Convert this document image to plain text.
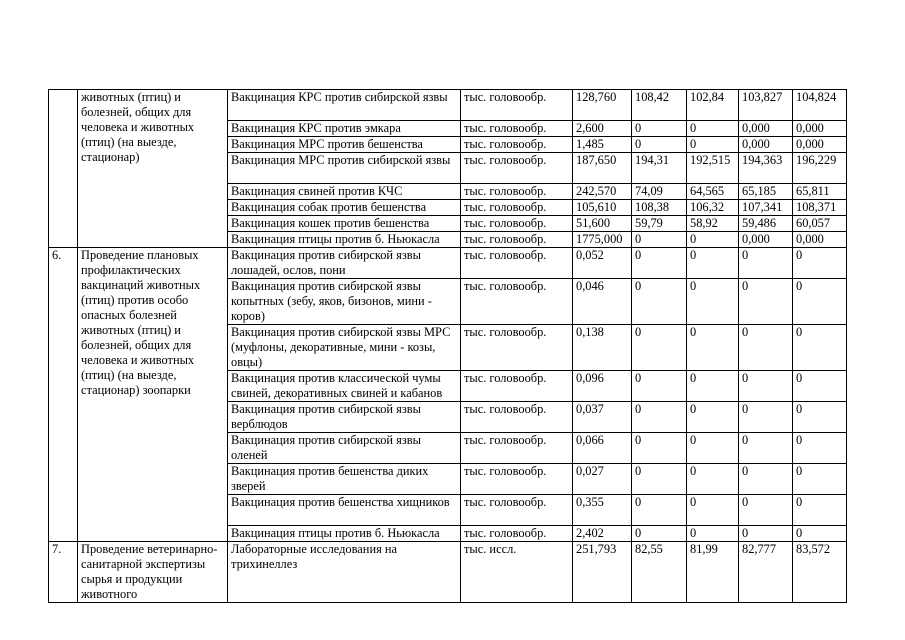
	животных (птиц) и болезней, общих для человека и животных (птиц) (на выезде, стационар)	Вакцинация КРС против сибирской язвы	тыс. головообр.	128,760	108,42	102,84	103,827	104,824
		Вакцинация КРС против эмкара	тыс. головообр.	2,600	0	0	0,000	0,000
		Вакцинация МРС против бешенства	тыс. головообр.	1,485	0	0	0,000	0,000
		Вакцинация МРС против сибирской язвы	тыс. головообр.	187,650	194,31	192,515	194,363	196,229
		Вакцинация свиней против КЧС	тыс. головообр.	242,570	74,09	64,565	65,185	65,811
		Вакцинация собак против бешенства	тыс. головообр.	105,610	108,38	106,32	107,341	108,371
		Вакцинация кошек против бешенства	тыс. головообр.	51,600	59,79	58,92	59,486	60,057
		Вакцинация птицы против б. Ньюкасла	тыс. головообр.	1775,000	0	0	0,000	0,000
6.	Проведение плановых профилактических вакцинаций животных (птиц) против особо опасных болезней животных (птиц) и болезней, общих для человека и животных (птиц) (на выезде, стационар) зоопарки	Вакцинация против сибирской язвы лошадей, ослов, пони	тыс. головообр.	0,052	0	0	0	0
		Вакцинация против сибирской язвы копытных (зебу, яков, бизонов, мини - коров)	тыс. головообр.	0,046	0	0	0	0
		Вакцинация против сибирской язвы МРС (муфлоны, декоративные, мини - козы, овцы)	тыс. головообр.	0,138	0	0	0	0
		Вакцинация против классической чумы свиней, декоративных свиней и кабанов	тыс. головообр.	0,096	0	0	0	0
		Вакцинация против сибирской язвы верблюдов	тыс. головообр.	0,037	0	0	0	0
		Вакцинация против сибирской язвы оленей	тыс. головообр.	0,066	0	0	0	0
		Вакцинация против бешенства диких зверей	тыс. головообр.	0,027	0	0	0	0
		Вакцинация против бешенства хищников	тыс. головообр.	0,355	0	0	0	0
		Вакцинация птицы против б. Ньюкасла	тыс. головообр.	2,402	0	0	0	0
7.	Проведение ветеринарно-санитарной экспертизы сырья и продукции животного	Лабораторные исследования на трихинеллез	тыс. иссл.	251,793	82,55	81,99	82,777	83,572
·
